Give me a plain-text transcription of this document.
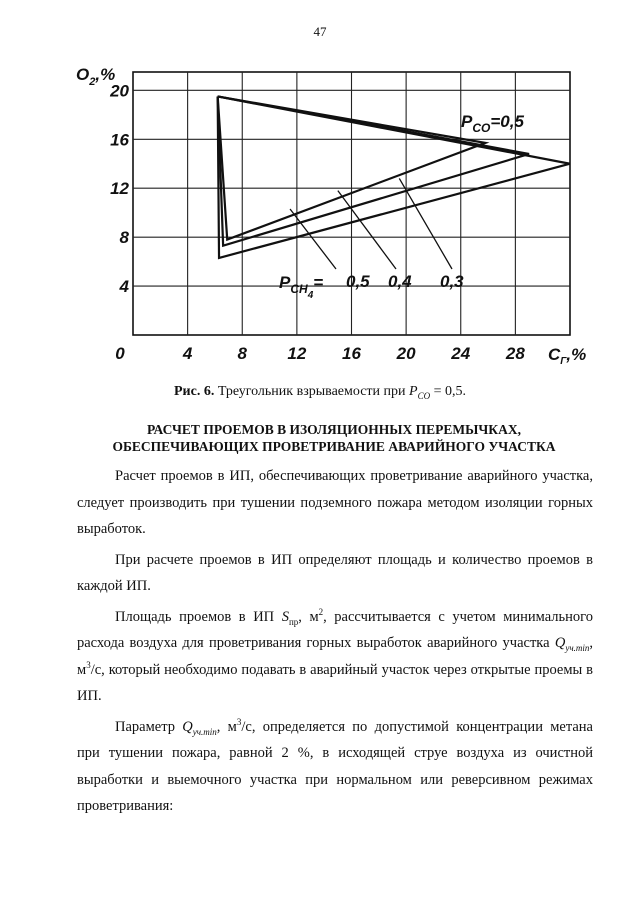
47
0	4	8 12 16 20 24 28
20
16
12
8
4
$O_2,\%$
$C_Г,\%$
$P_{CO}=0,5$
$P_{CH4}= 0,5$ 0,4 0,3
Рис. 6. Треугольник взрываемости при $P_{CO} = 0,5$.
РАСЧЕТ ПРОЕМОВ В ИЗОЛЯЦИОННЫХ ПЕРЕМЫЧКАХ, ОБЕСПЕЧИВАЮЩИХ ПРОВЕТРИВАНИЕ АВАРИЙНОГО УЧАСТКА

Расчет проемов в ИП, обеспечивающих проветривание аварийного участка, следует производить при тушении подземного пожара методом изоляции горных выработок.

При расчете проемов в ИП определяют площадь и количество проемов в каждой ИП.

Площадь проемов в ИП $S_{пр}$, $м^2$, рассчитывается с учетом минимального расхода воздуха для проветривания горных выработок аварийного участка $Q_{уч.min}$, $м^3/с$, который необходимо подавать в аварийный участок через открытые проемы в ИП.

Параметр $Q_{уч.min}$, $м^3/с$, определяется по допустимой концентрации метана при тушении пожара, равной 2 %, в исходящей струе воздуха из очистной выработки и выемочного участка при нормальном или реверсивном режимах проветривания:
